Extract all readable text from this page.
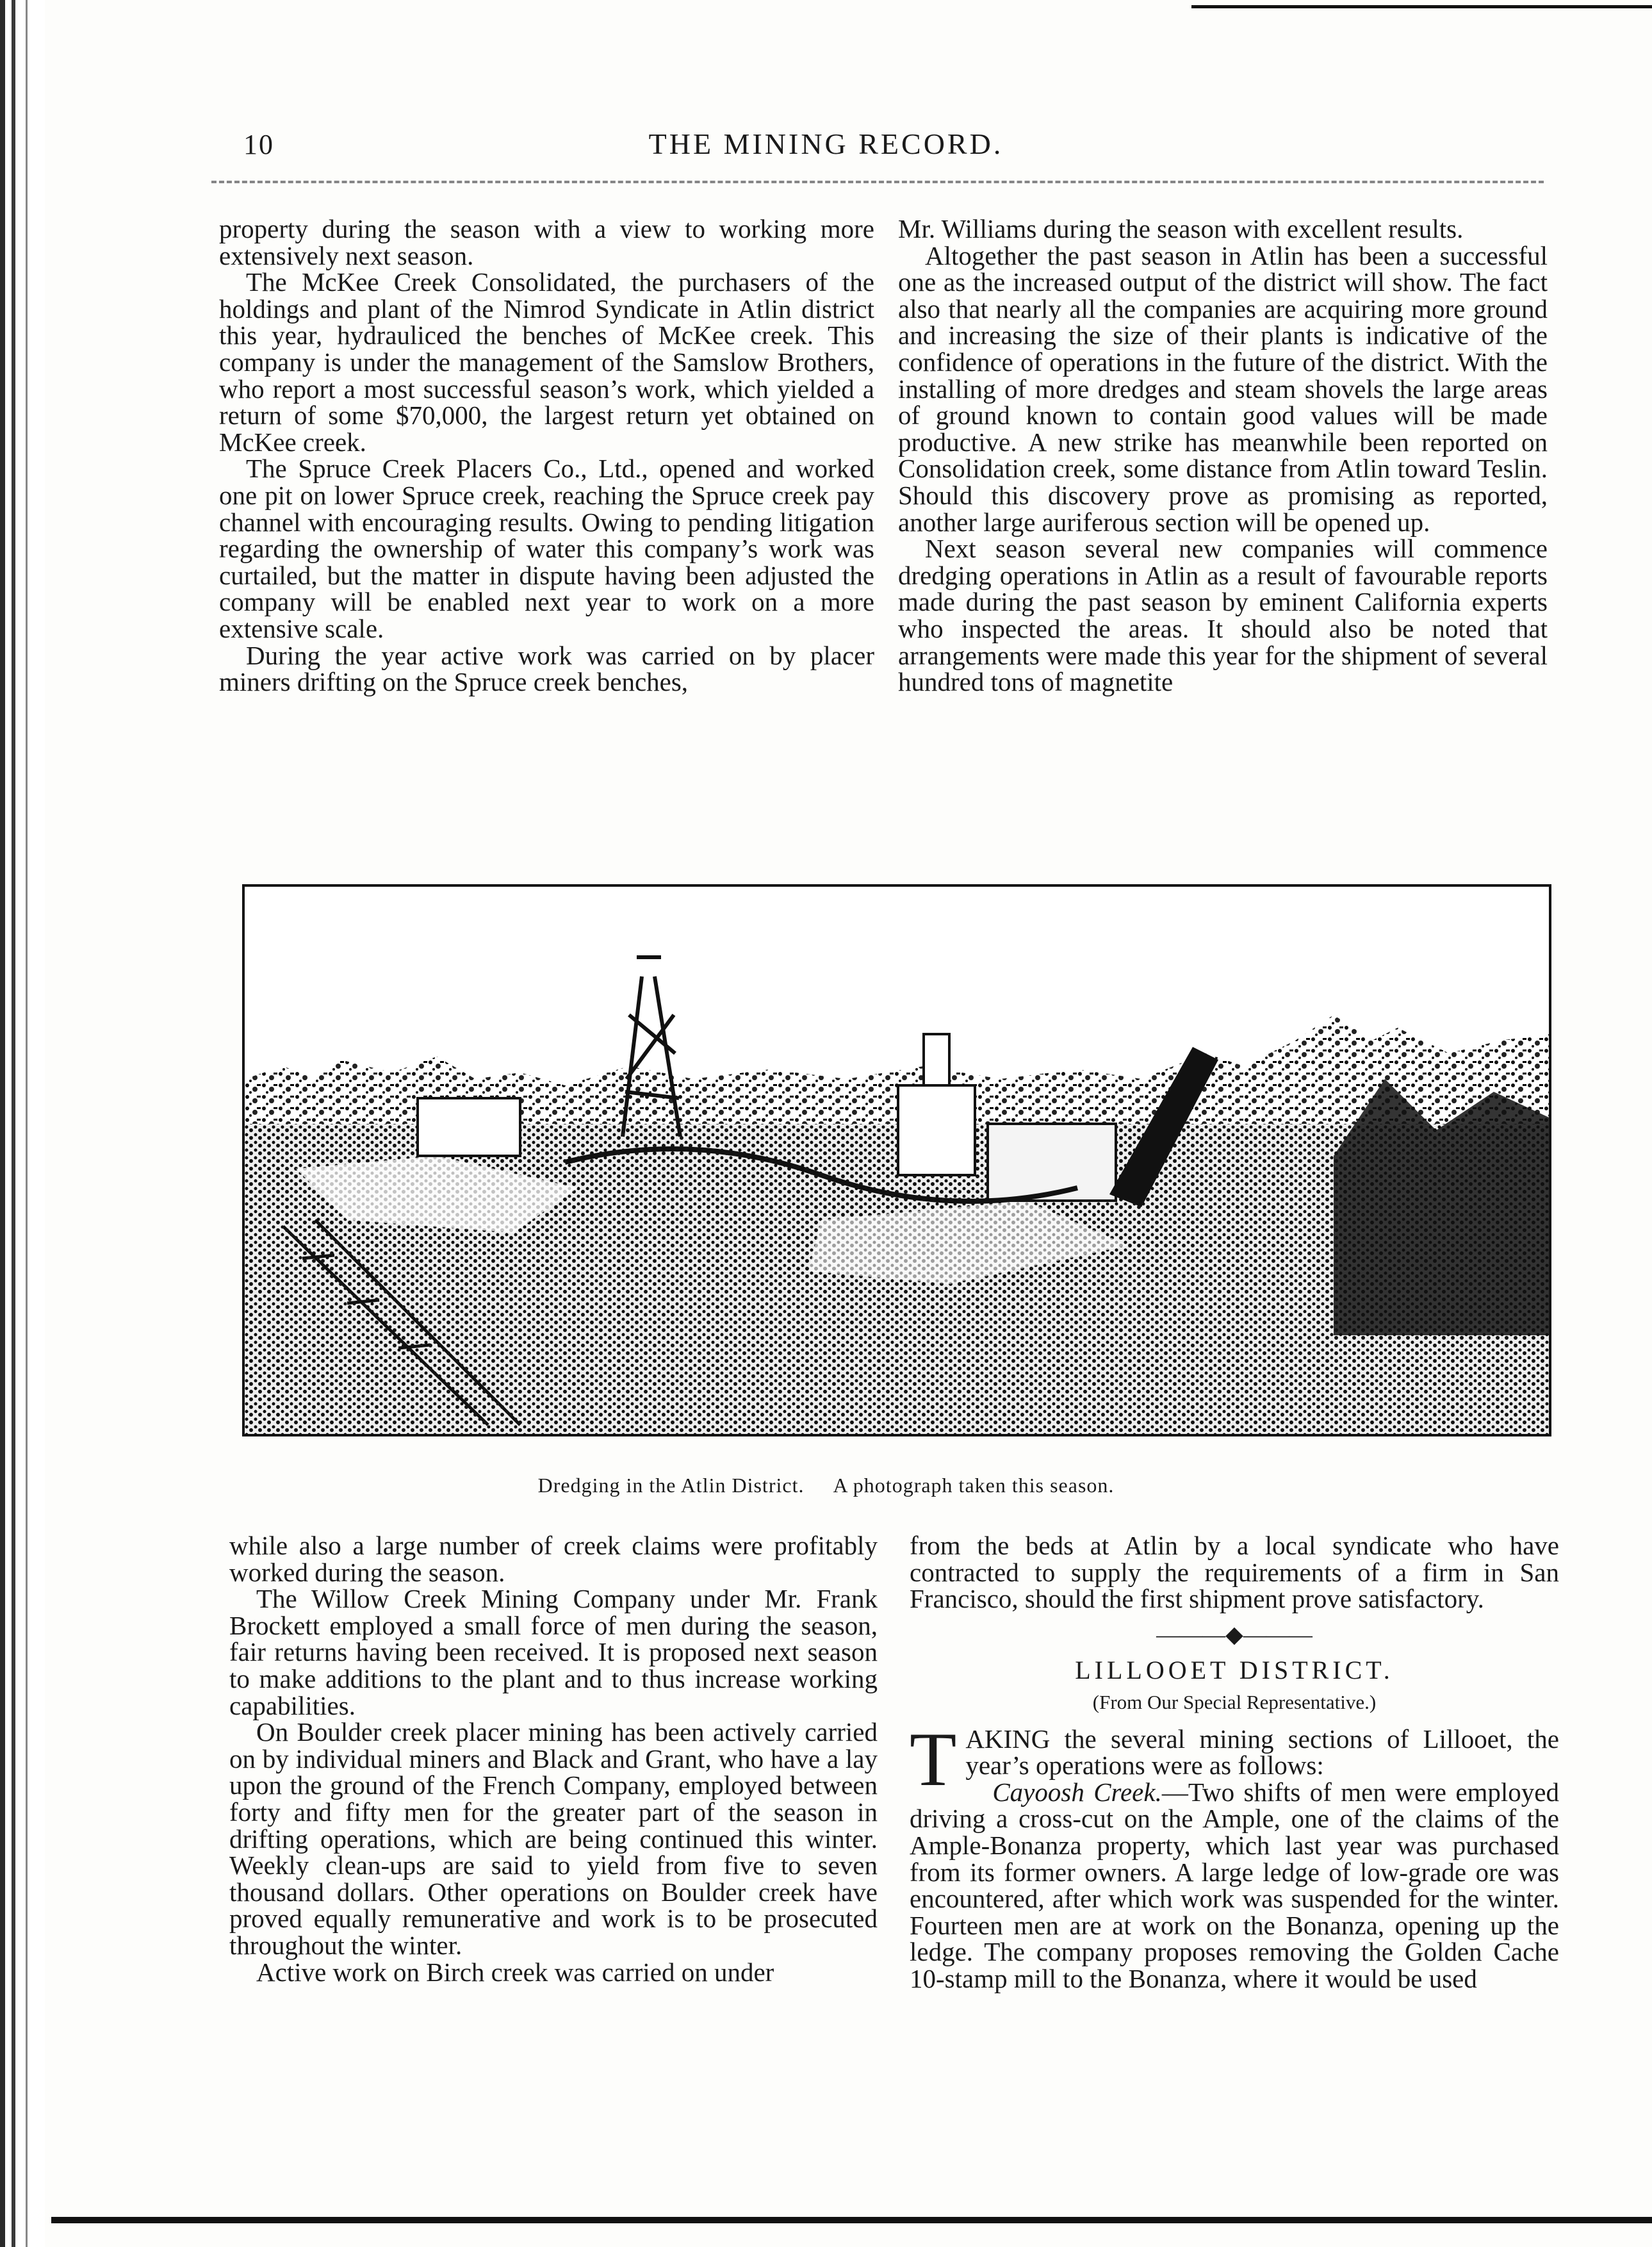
10	THE MINING RECORD.

property during the season with a view to working more extensively next season.

The McKee Creek Consolidated, the purchasers of the holdings and plant of the Nimrod Syndicate in Atlin district this year, hydrauliced the benches of McKee creek. This company is under the management of the Samslow Brothers, who report a most successful season’s work, which yielded a return of some $70,000, the largest return yet obtained on McKee creek.

The Spruce Creek Placers Co., Ltd., opened and worked one pit on lower Spruce creek, reaching the Spruce creek pay channel with encouraging results. Owing to pending litigation regarding the ownership of water this company’s work was curtailed, but the matter in dispute having been adjusted the company will be enabled next year to work on a more extensive scale.

During the year active work was carried on by placer miners drifting on the Spruce creek benches,

Mr. Williams during the season with excellent results.

Altogether the past season in Atlin has been a successful one as the increased output of the district will show. The fact also that nearly all the companies are acquiring more ground and increasing the size of their plants is indicative of the confidence of operations in the future of the district. With the installing of more dredges and steam shovels the large areas of ground known to contain good values will be made productive. A new strike has meanwhile been reported on Consolidation creek, some distance from Atlin toward Teslin. Should this discovery prove as promising as reported, another large auriferous section will be opened up.

Next season several new companies will commence dredging operations in Atlin as a result of favourable reports made during the past season by eminent California experts who inspected the areas. It should also be noted that arrangements were made this year for the shipment of several hundred tons of magnetite

Dredging in the Atlin District. A photograph taken this season.

while also a large number of creek claims were profitably worked during the season.

The Willow Creek Mining Company under Mr. Frank Brockett employed a small force of men during the season, fair returns having been received. It is proposed next season to make additions to the plant and to thus increase working capabilities.

On Boulder creek placer mining has been actively carried on by individual miners and Black and Grant, who have a lay upon the ground of the French Company, employed between forty and fifty men for the greater part of the season in drifting operations, which are being continued this winter. Weekly clean-ups are said to yield from five to seven thousand dollars. Other operations on Boulder creek have proved equally remunerative and work is to be prosecuted throughout the winter.

Active work on Birch creek was carried on under

from the beds at Atlin by a local syndicate who have contracted to supply the requirements of a firm in San Francisco, should the first shipment prove satisfactory.

———◆———
LILLOOET DISTRICT.
(From Our Special Representative.)

TAKING the several mining sections of Lillooet, the year’s operations were as follows:

Cayoosh Creek.—Two shifts of men were employed driving a cross-cut on the Ample, one of the claims of the Ample-Bonanza property, which last year was purchased from its former owners. A large ledge of low-grade ore was encountered, after which work was suspended for the winter. Fourteen men are at work on the Bonanza, opening up the ledge. The company proposes removing the Golden Cache 10-stamp mill to the Bonanza, where it would be used
